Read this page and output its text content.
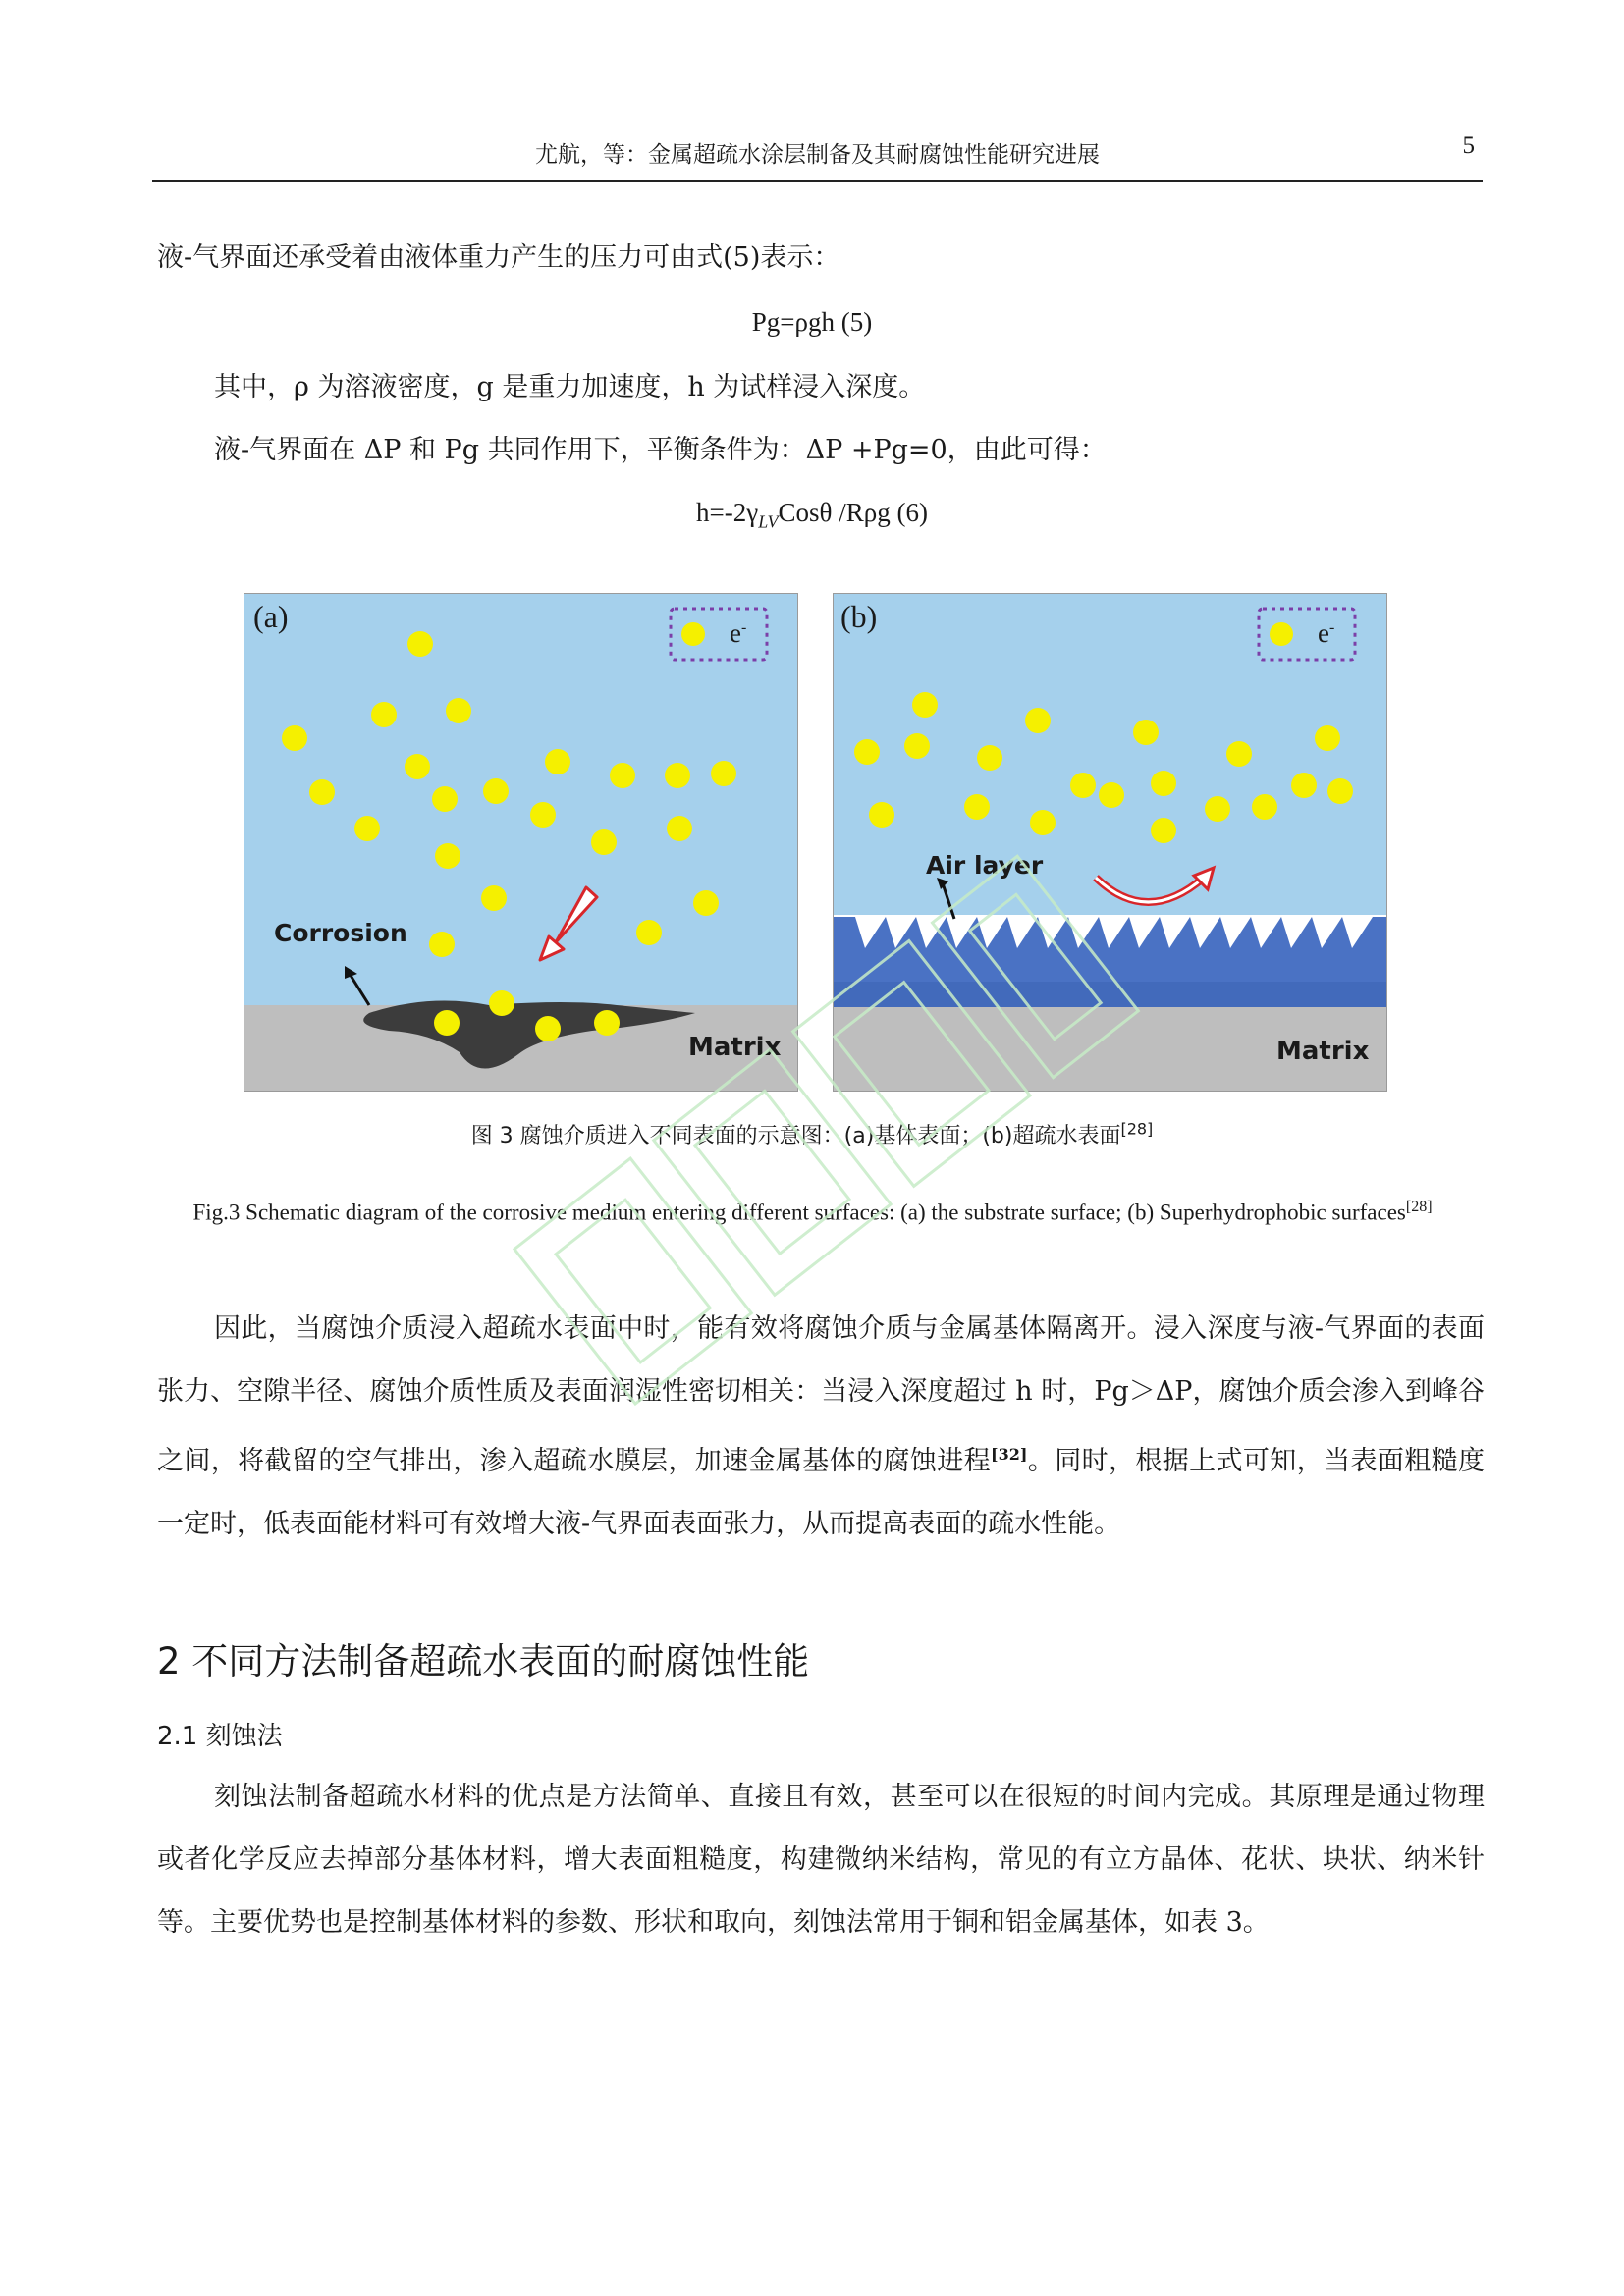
尤航，等：金属超疏水涂层制备及其耐腐蚀性能研究进展	5
液-气界面还承受着由液体重力产生的压力可由式(5)表示：
Pg=ρgh (5)
其中，ρ 为溶液密度，g 是重力加速度，h 为试样浸入深度。
液-气界面在 ΔP 和 Pg 共同作用下，平衡条件为：ΔP +Pg=0，由此可得：
$h=-2\gamma_{LV}Cos\theta$ /Rρg (6)
(a)	e-
Corrosion
Matrix
(b)	e-
Air layer
Matrix
图 3 腐蚀介质进入不同表面的示意图：(a)基体表面；(b)超疏水表面[28]
Fig.3 Schematic diagram of the corrosive medium entering different surfaces: (a) the substrate surface; (b) Superhydrophobic surfaces[28]
因此，当腐蚀介质浸入超疏水表面中时，能有效将腐蚀介质与金属基体隔离开。浸入深度与液-气界面的表面张力、空隙半径、腐蚀介质性质及表面润湿性密切相关：当浸入深度超过 h 时，Pg＞ΔP，腐蚀介质会渗入到峰谷之间，将截留的空气排出，渗入超疏水膜层，加速金属基体的腐蚀进程[32]。同时，根据上式可知，当表面粗糙度一定时，低表面能材料可有效增大液-气界面表面张力，从而提高表面的疏水性能。
2 不同方法制备超疏水表面的耐腐蚀性能
2.1 刻蚀法
刻蚀法制备超疏水材料的优点是方法简单、直接且有效，甚至可以在很短的时间内完成。其原理是通过物理或者化学反应去掉部分基体材料，增大表面粗糙度，构建微纳米结构，常见的有立方晶体、花状、块状、纳米针等。主要优势也是控制基体材料的参数、形状和取向，刻蚀法常用于铜和铝金属基体，如表 3。
